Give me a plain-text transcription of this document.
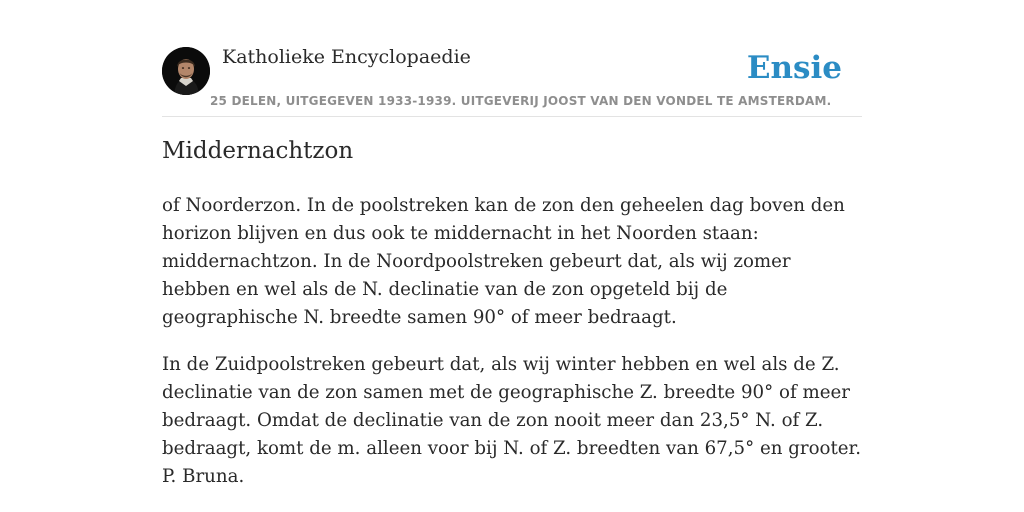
Katholieke Encyclopaedie
25 DELEN, UITGEGEVEN 1933-1939. UITGEVERIJ JOOST VAN DEN VONDEL TE AMSTERDAM.
Ensie
Middernachtzon

of Noorderzon. In de poolstreken kan de zon den geheelen dag boven den horizon blijven en dus ook te middernacht in het Noorden staan: middernachtzon. In de Noordpoolstreken gebeurt dat, als wij zomer hebben en wel als de N. declinatie van de zon opgeteld bij de geographische N. breedte samen 90° of meer bedraagt.

In de Zuidpoolstreken gebeurt dat, als wij winter hebben en wel als de Z. declinatie van de zon samen met de geographische Z. breedte 90° of meer bedraagt. Omdat de declinatie van de zon nooit meer dan 23,5° N. of Z. bedraagt, komt de m. alleen voor bij N. of Z. breedten van 67,5° en grooter. P. Bruna.
